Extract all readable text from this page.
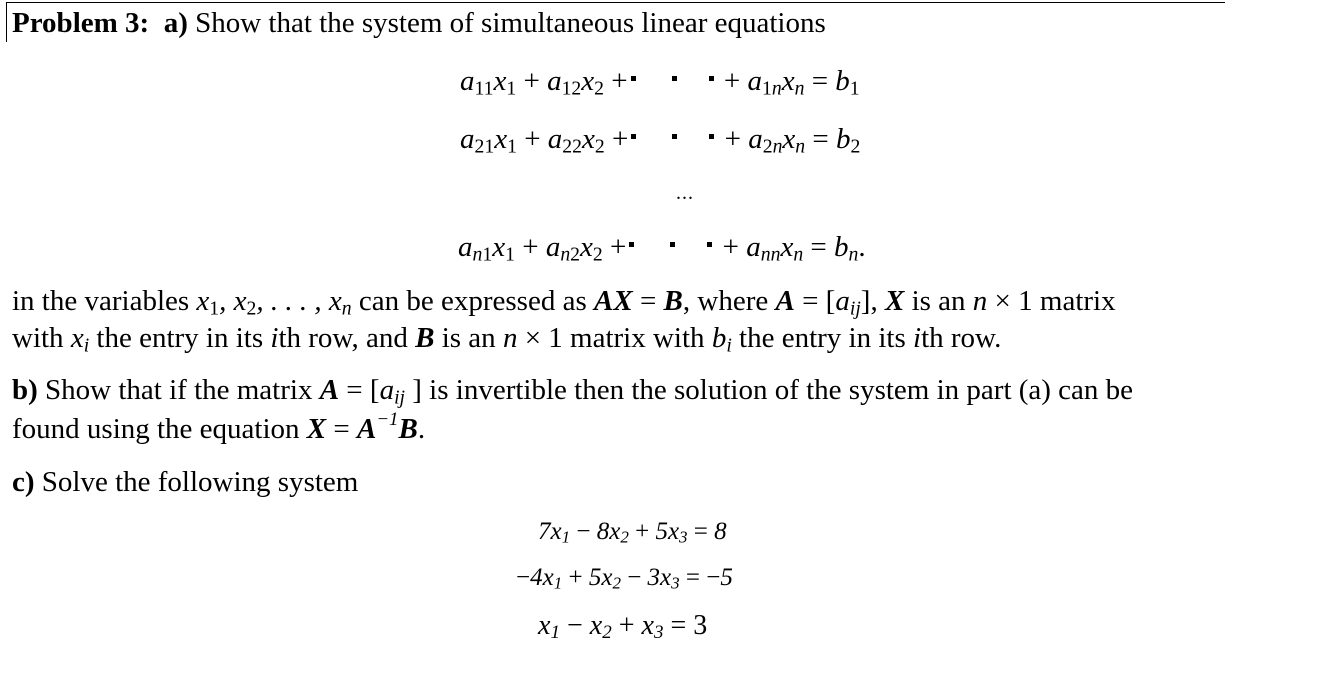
Problem 3: a) Show that the system of simultaneous linear equations
$a_{11}x_1 + a_{12}x_2$ +	+ $a_{1n}x_n = b_1$
$a_{21}x_1 + a_{22}x_2$ +	+ $a_{2n}x_n = b_2$
...
$a_{n1}x_1 + a_{n2}x_2$ +	+ $a_{nn}x_n = b_n$.
in the variables $x_1$, $x_2$, . . . , $x_n$ can be expressed as AX = B, where $A = [a_{ij}]$, X is an n × 1 matrix
with $x_i$ the entry in its ith row, and B is an n × 1 matrix with $b_i$ the entry in its ith row.
b) Show that if the matrix $A = [a_{ij}$ ] is invertible then the solution of the system in part (a) can be
found using the equation $X = A^{-1}B$.
c) Solve the following system
$7x_1 - 8x_2 + 5x_3 = 8$
$-4x_1 + 5x_2 - 3x_3 = -5$
$x_1 - x_2 + x_3 = 3$
